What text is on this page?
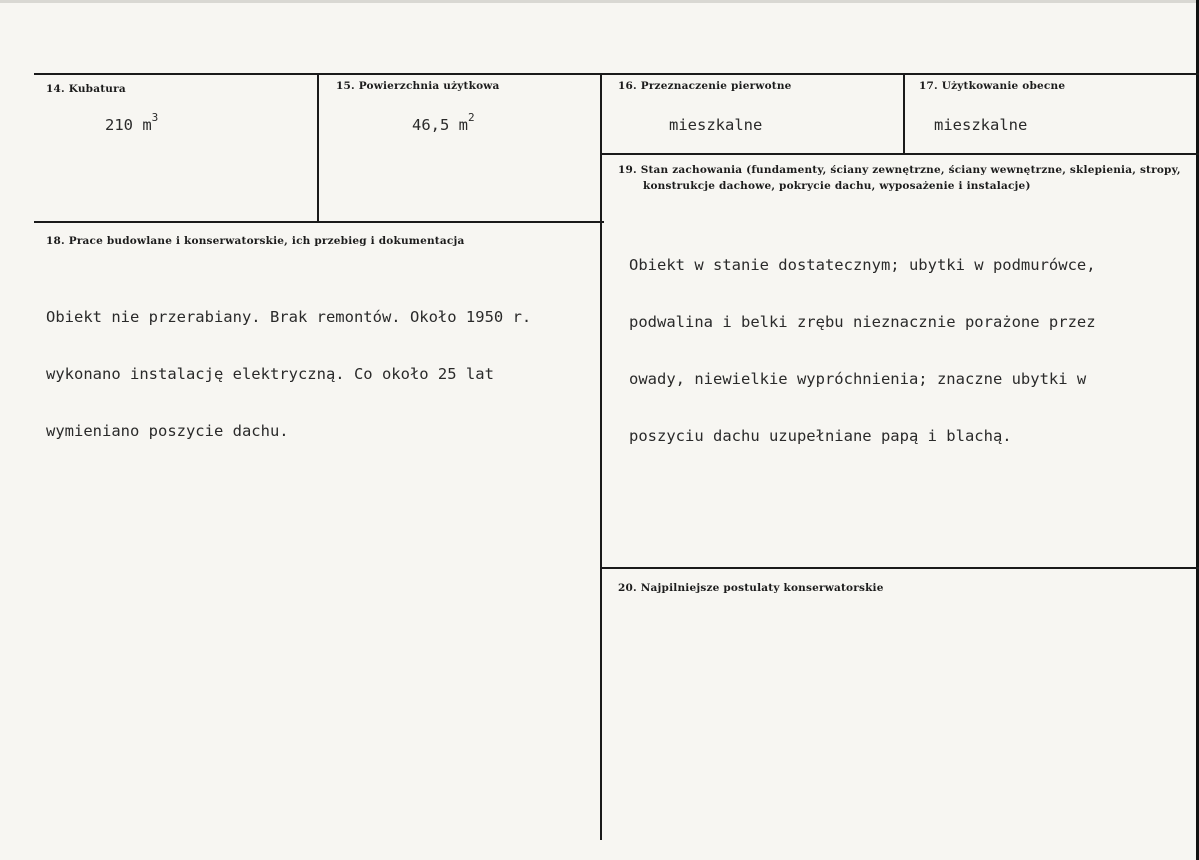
14. Kubatura
210 $m^3$
15. Powierzchnia użytkowa
46,5 $m^2$
16. Przeznaczenie pierwotne
mieszkalne
17. Użytkowanie obecne
mieszkalne
18. Prace budowlane i konserwatorskie, ich przebieg i dokumentacja

Obiekt nie przerabiany. Brak remontów. Około 1950 r.

wykonano instalację elektryczną. Co około 25 lat

wymieniano poszycie dachu.

19. Stan zachowania (fundamenty, ściany zewnętrzne, ściany wewnętrzne, sklepienia, stropy,
konstrukcje dachowe, pokrycie dachu, wyposażenie i instalacje)

Obiekt w stanie dostatecznym; ubytki w podmurówce,

podwalina i belki zrębu nieznacznie porażone przez

owady, niewielkie wypróchnienia; znaczne ubytki w

poszyciu dachu uzupełniane papą i blachą.

20. Najpilniejsze postulaty konserwatorskie
